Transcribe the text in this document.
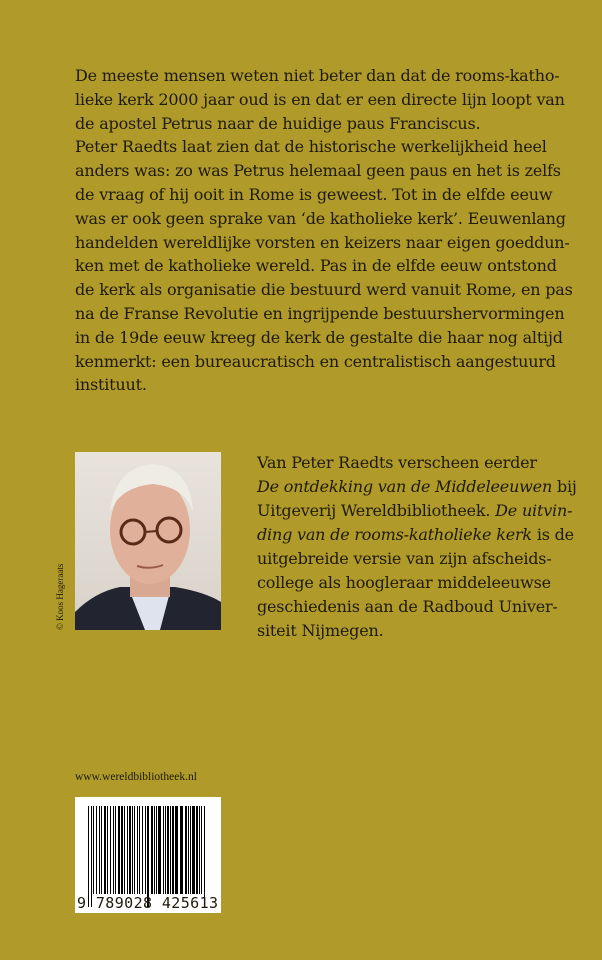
De meeste mensen weten niet beter dan dat de rooms-katho-
lieke kerk 2000 jaar oud is en dat er een directe lijn loopt van
de apostel Petrus naar de huidige paus Franciscus.
Peter Raedts laat zien dat de historische werkelijkheid heel
anders was: zo was Petrus helemaal geen paus en het is zelfs
de vraag of hij ooit in Rome is geweest. Tot in de elfde eeuw
was er ook geen sprake van ‘de katholieke kerk’. Eeuwenlang
handelden wereldlijke vorsten en keizers naar eigen goeddun-
ken met de katholieke wereld. Pas in de elfde eeuw ontstond
de kerk als organisatie die bestuurd werd vanuit Rome, en pas
na de Franse Revolutie en ingrijpende bestuurshervormingen
in de 19de eeuw kreeg de kerk de gestalte die haar nog altijd
kenmerkt: een bureaucratisch en centralistisch aangestuurd
instituut.
© Koos Hageraats
Van Peter Raedts verscheen eerder
De ontdekking van de Middeleeuwen bij
Uitgeverij Wereldbibliotheek. De uitvin-
ding van de rooms-katholieke kerk is de
uitgebreide versie van zijn afscheids-
college als hoogleraar middeleeuwse
geschiedenis aan de Radboud Univer-
siteit Nijmegen.
www.wereldbibliotheek.nl
9 789028 425613
